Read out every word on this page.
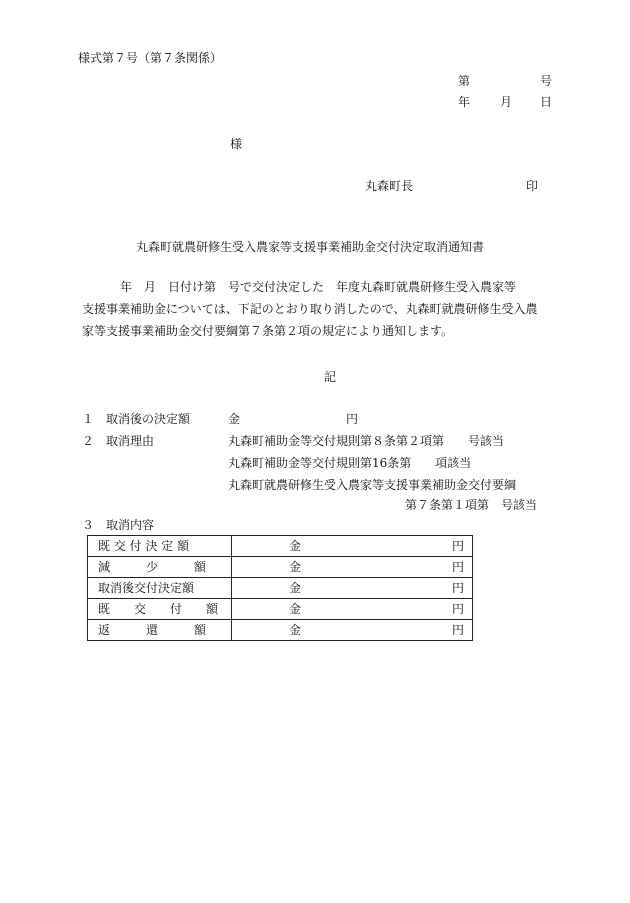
様式第７号（第７条関係）
第	号
年 月 日
様
丸森町長	印
丸森町就農研修生受入農家等支援事業補助金交付決定取消通知書

年　月　日付け第　号で交付決定した　年度丸森町就農研修生受入農家等

支援事業補助金については、下記のとおり取り消したので、丸森町就農研修生受入農

家等支援事業補助金交付要綱第７条第２項の規定により通知します。

記
１ 取消後の決定額	金	円
２ 取消理由	丸森町補助金等交付規則第８条第２項第　　号該当
丸森町補助金等交付規則第16条第　　項該当
丸森町就農研修生受入農家等支援事業補助金交付要綱
第７条第１項第　号該当
３ 取消内容
既 交 付 決 定 額	金 円

減　　　少　　　額	金 円

取消後交付決定額	金 円

既　　交　　付　　額	金 円

返　　　還　　　額	金 円
